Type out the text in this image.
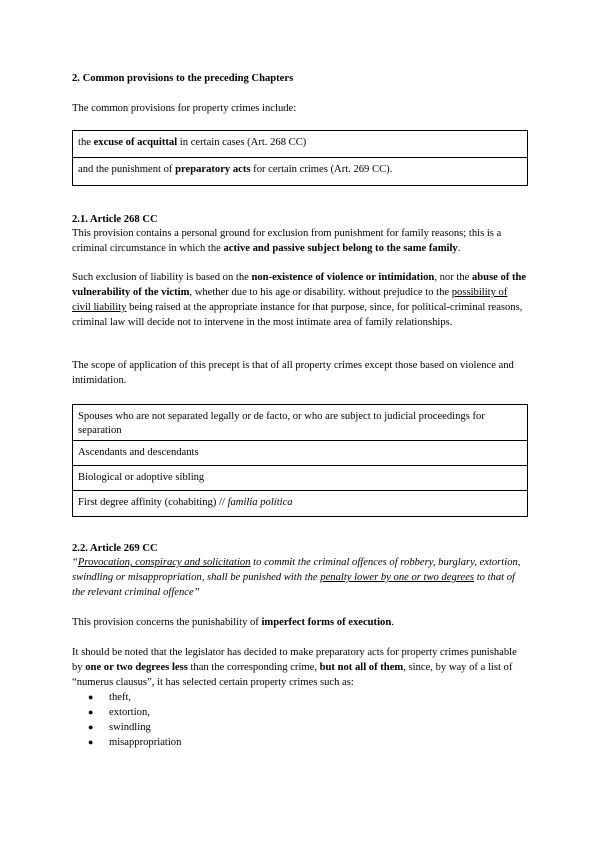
2. Common provisions to the preceding Chapters
The common provisions for property crimes include:
the excuse of acquittal in certain cases (Art. 268 CC)
and the punishment of preparatory acts for certain crimes (Art. 269 CC).
2.1. Article 268 CC
This provision contains a personal ground for exclusion from punishment for family reasons; this is a criminal circumstance in which the active and passive subject belong to the same family.
Such exclusion of liability is based on the non-existence of violence or intimidation, nor the abuse of the vulnerability of the victim, whether due to his age or disability. without prejudice to the possibility of civil liability being raised at the appropriate instance for that purpose, since, for political-criminal reasons, criminal law will decide not to intervene in the most intimate area of family relationships.
The scope of application of this precept is that of all property crimes except those based on violence and intimidation.
Spouses who are not separated legally or de facto, or who are subject to judicial proceedings for separation
Ascendants and descendants
Biological or adoptive sibling
First degree affinity (cohabiting) // familia política
2.2. Article 269 CC
“Provocation, conspiracy and solicitation to commit the criminal offences of robbery, burglary, extortion, swindling or misappropriation, shall be punished with the penalty lower by one or two degrees to that of the relevant criminal offence”
This provision concerns the punishability of imperfect forms of execution.
It should be noted that the legislator has decided to make preparatory acts for property crimes punishable by one or two degrees less than the corresponding crime, but not all of them, since, by way of a list of “numerus clausus”, it has selected certain property crimes such as:
● theft,
● extortion,
● swindling
● misappropriation
